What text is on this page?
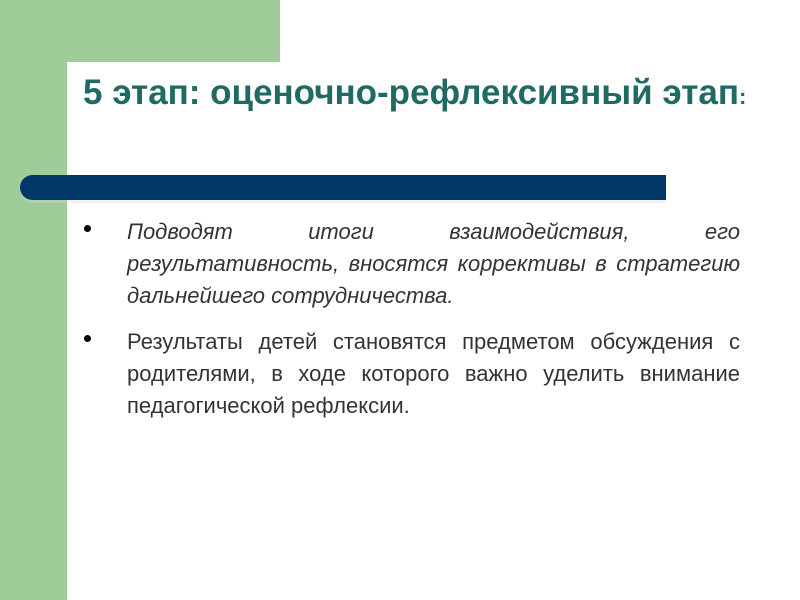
5 этап: оценочно-рефлексивный этап:
Подводят итоги взаимодействия, его результативность, вносятся коррективы в стратегию дальнейшего сотрудничества.
Результаты детей становятся предметом обсуждения с родителями, в ходе которого важно уделить внимание педагогической рефлексии.
